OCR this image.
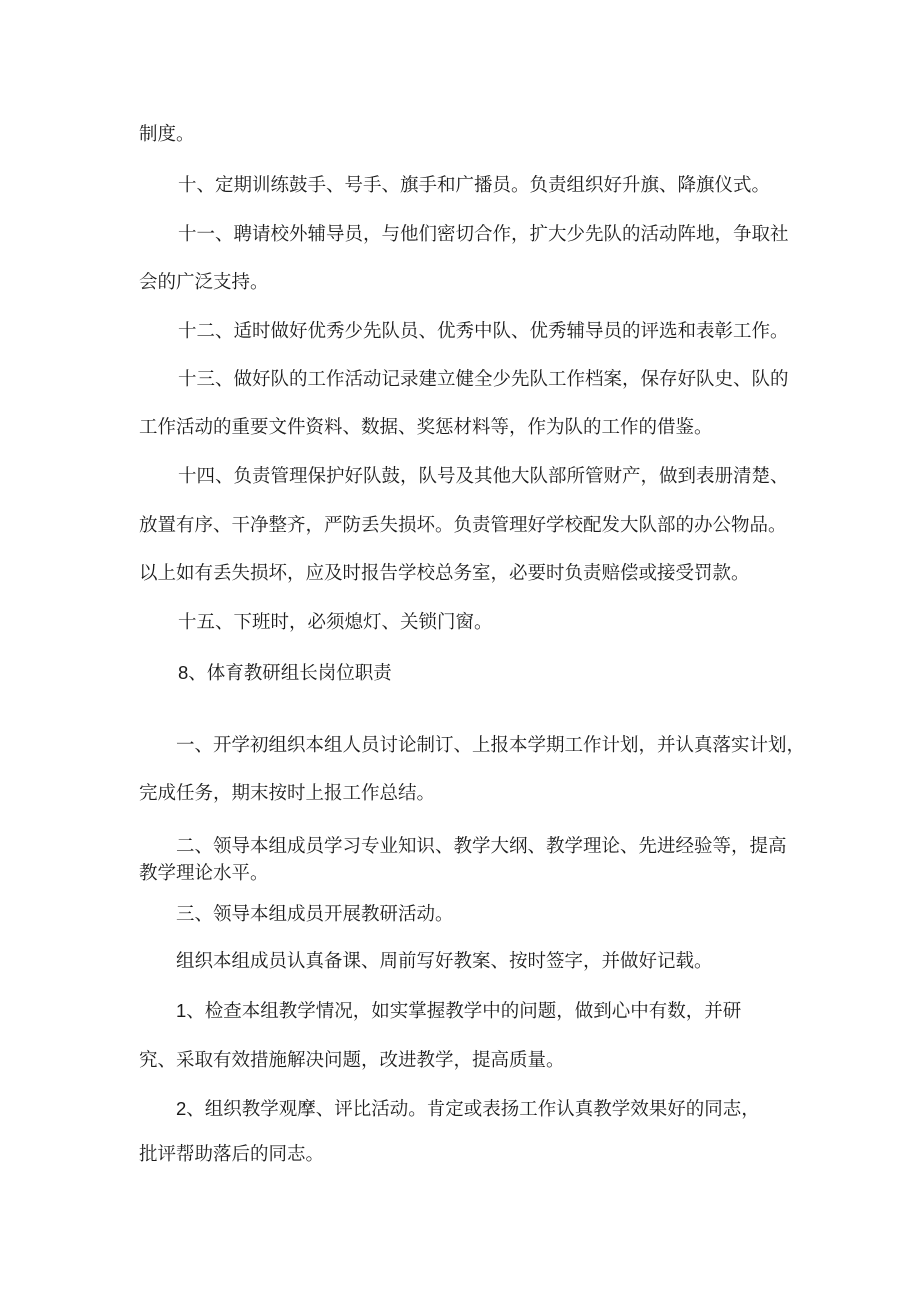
制度。

十、定期训练鼓手、号手、旗手和广播员。负责组织好升旗、降旗仪式。

十一、聘请校外辅导员，与他们密切合作，扩大少先队的活动阵地，争取社

会的广泛支持。

十二、适时做好优秀少先队员、优秀中队、优秀辅导员的评选和表彰工作。

十三、做好队的工作活动记录建立健全少先队工作档案，保存好队史、队的

工作活动的重要文件资料、数据、奖惩材料等，作为队的工作的借鉴。

十四、负责管理保护好队鼓，队号及其他大队部所管财产，做到表册清楚、

放置有序、干净整齐，严防丢失损坏。负责管理好学校配发大队部的办公物品。

以上如有丢失损坏，应及时报告学校总务室，必要时负责赔偿或接受罚款。

十五、下班时，必须熄灯、关锁门窗。

8、体育教研组长岗位职责

一、开学初组织本组人员讨论制订、上报本学期工作计划，并认真落实计划，

完成任务，期末按时上报工作总结。

二、领导本组成员学习专业知识、教学大纲、教学理论、先进经验等，提高

教学理论水平。

三、领导本组成员开展教研活动。

组织本组成员认真备课、周前写好教案、按时签字，并做好记载。

1、检查本组教学情况，如实掌握教学中的问题，做到心中有数，并研

究、采取有效措施解决问题，改进教学，提高质量。

2、组织教学观摩、评比活动。肯定或表扬工作认真教学效果好的同志，

批评帮助落后的同志。
